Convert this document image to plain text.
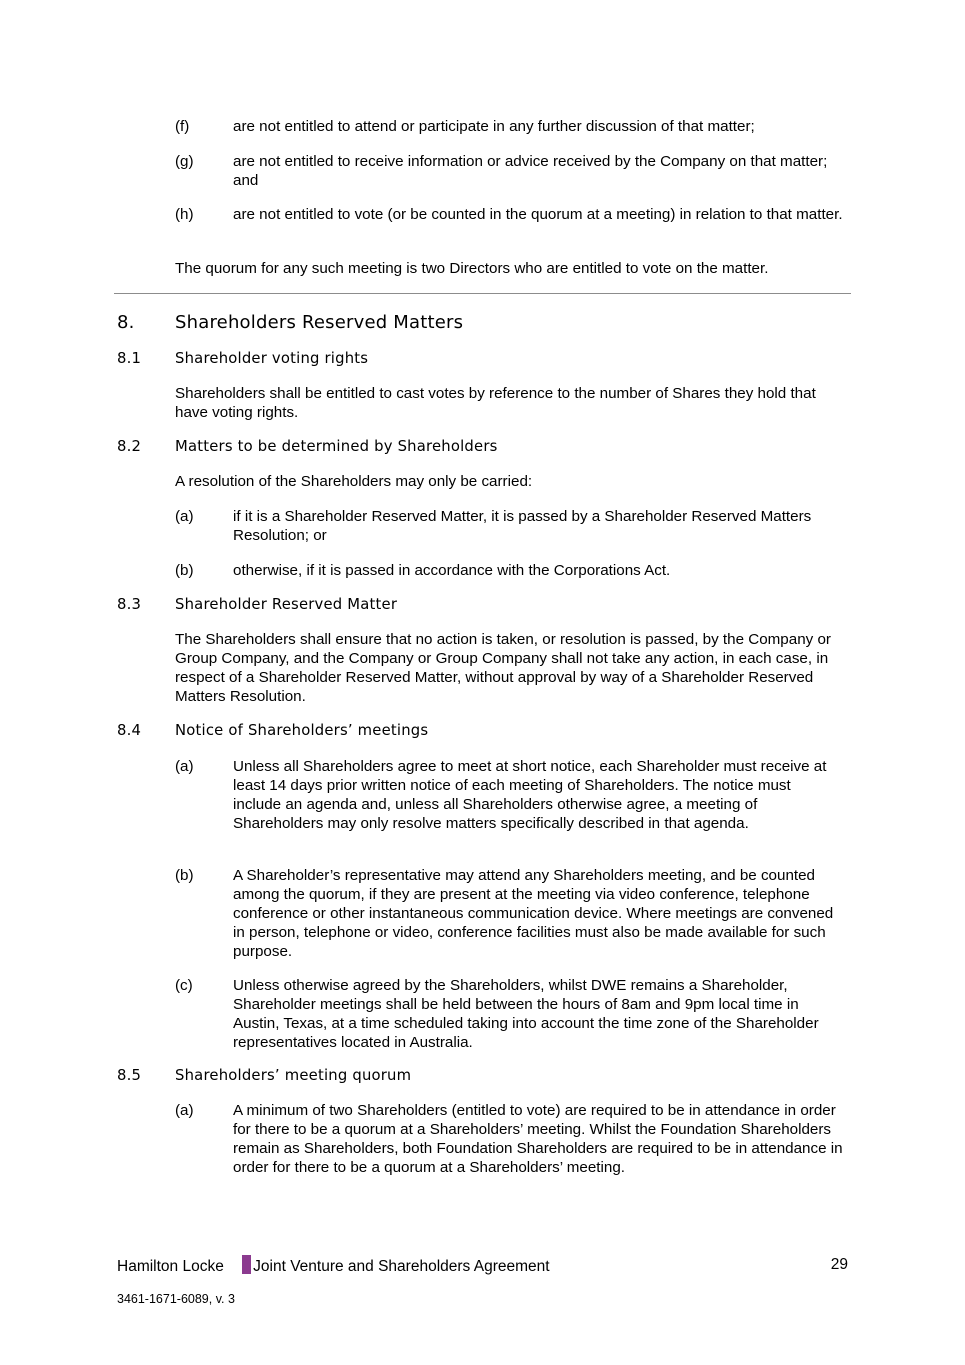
(f)	are not entitled to attend or participate in any further discussion of that matter;
(g)	are not entitled to receive information or advice received by the Company on that matter; and
(h)	are not entitled to vote (or be counted in the quorum at a meeting) in relation to that matter.
The quorum for any such meeting is two Directors who are entitled to vote on the matter.
8. Shareholders Reserved Matters
8.1 Shareholder voting rights
Shareholders shall be entitled to cast votes by reference to the number of Shares they hold that have voting rights.
8.2 Matters to be determined by Shareholders
A resolution of the Shareholders may only be carried:
(a)	if it is a Shareholder Reserved Matter, it is passed by a Shareholder Reserved Matters Resolution; or
(b)	otherwise, if it is passed in accordance with the Corporations Act.
8.3 Shareholder Reserved Matter
The Shareholders shall ensure that no action is taken, or resolution is passed, by the Company or Group Company, and the Company or Group Company shall not take any action, in each case, in respect of a Shareholder Reserved Matter, without approval by way of a Shareholder Reserved Matters Resolution.
8.4 Notice of Shareholders’ meetings
(a)	Unless all Shareholders agree to meet at short notice, each Shareholder must receive at least 14 days prior written notice of each meeting of Shareholders. The notice must include an agenda and, unless all Shareholders otherwise agree, a meeting of Shareholders may only resolve matters specifically described in that agenda.
(b)	A Shareholder’s representative may attend any Shareholders meeting, and be counted among the quorum, if they are present at the meeting via video conference, telephone conference or other instantaneous communication device. Where meetings are convened in person, telephone or video, conference facilities must also be made available for such purpose.
(c)	Unless otherwise agreed by the Shareholders, whilst DWE remains a Shareholder, Shareholder meetings shall be held between the hours of 8am and 9pm local time in Austin, Texas, at a time scheduled taking into account the time zone of the Shareholder representatives located in Australia.
8.5 Shareholders’ meeting quorum
(a)	A minimum of two Shareholders (entitled to vote) are required to be in attendance in order for there to be a quorum at a Shareholders’ meeting. Whilst the Foundation Shareholders remain as Shareholders, both Foundation Shareholders are required to be in attendance in order for there to be a quorum at a Shareholders’ meeting.
Hamilton Locke Joint Venture and Shareholders Agreement	29
3461-1671-6089, v. 3
